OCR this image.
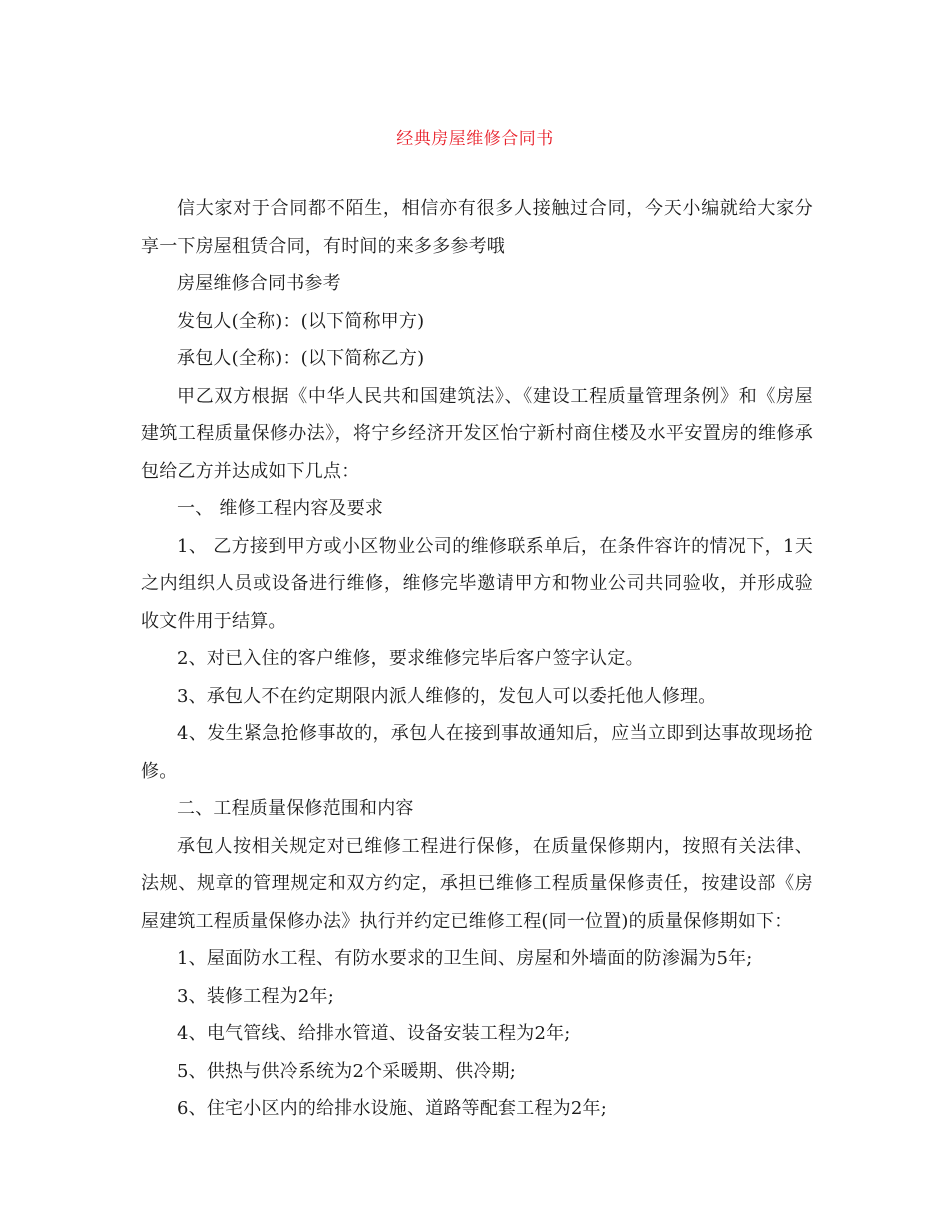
经典房屋维修合同书

信大家对于合同都不陌生，相信亦有很多人接触过合同，今天小编就给大家分享一下房屋租赁合同，有时间的来多多参考哦

房屋维修合同书参考

发包人(全称)：(以下简称甲方)

承包人(全称)：(以下简称乙方)

甲乙双方根据《中华人民共和国建筑法》、《建设工程质量管理条例》和《房屋建筑工程质量保修办法》，将宁乡经济开发区怡宁新村商住楼及水平安置房的维修承包给乙方并达成如下几点：

一、 维修工程内容及要求

1、 乙方接到甲方或小区物业公司的维修联系单后，在条件容许的情况下，1天之内组织人员或设备进行维修，维修完毕邀请甲方和物业公司共同验收，并形成验收文件用于结算。

2、对已入住的客户维修，要求维修完毕后客户签字认定。

3、承包人不在约定期限内派人维修的，发包人可以委托他人修理。

4、发生紧急抢修事故的，承包人在接到事故通知后，应当立即到达事故现场抢修。

二、工程质量保修范围和内容

承包人按相关规定对已维修工程进行保修，在质量保修期内，按照有关法律、法规、规章的管理规定和双方约定，承担已维修工程质量保修责任，按建设部《房屋建筑工程质量保修办法》执行并约定已维修工程(同一位置)的质量保修期如下：

1、屋面防水工程、有防水要求的卫生间、房屋和外墙面的防渗漏为5年;

3、装修工程为2年;

4、电气管线、给排水管道、设备安装工程为2年;

5、供热与供冷系统为2个采暖期、供冷期;

6、住宅小区内的给排水设施、道路等配套工程为2年;
